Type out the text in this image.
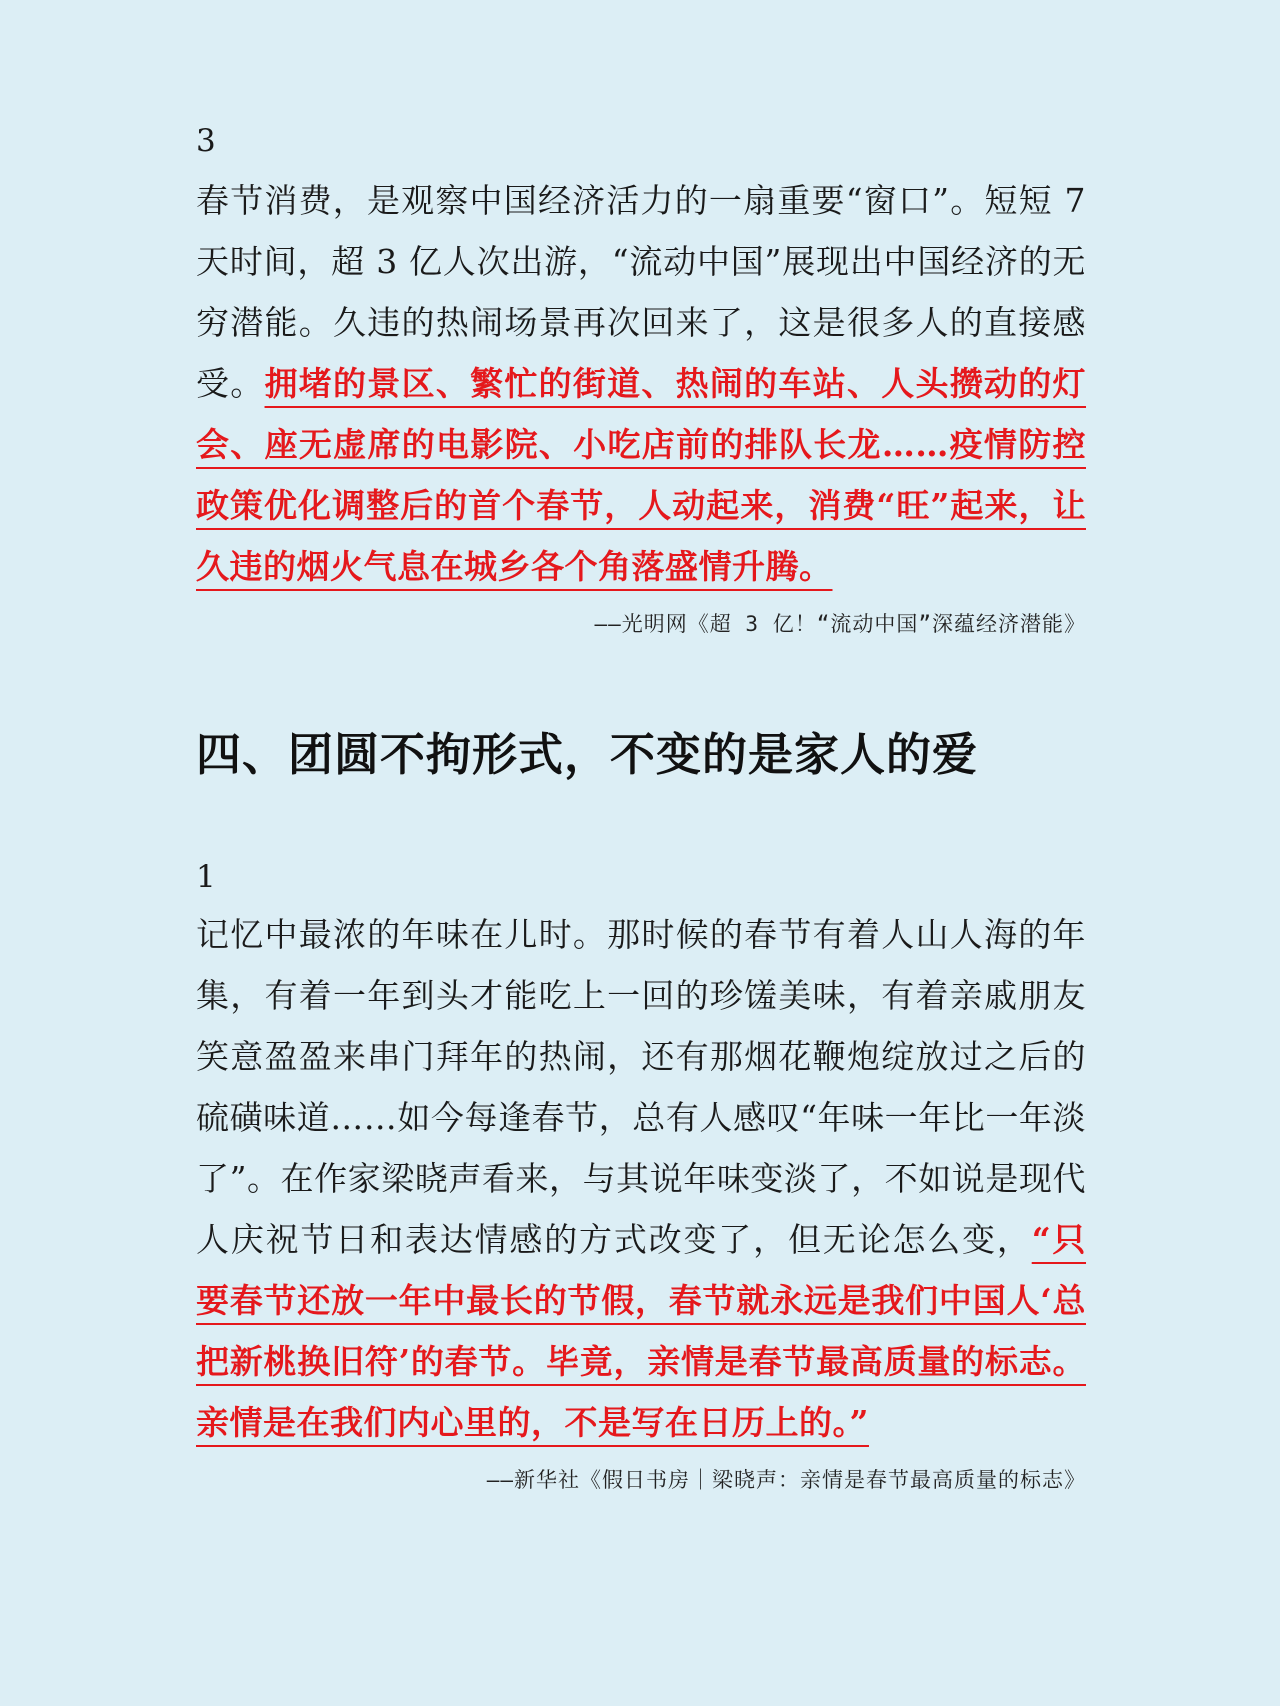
3

春节消费，是观察中国经济活力的一扇重要“窗口”。短短 7 天时间，超 3 亿人次出游，“流动中国”展现出中国经济的无穷潜能。久违的热闹场景再次回来了，这是很多人的直接感受。拥堵的景区、繁忙的街道、热闹的车站、人头攒动的灯会、座无虚席的电影院、小吃店前的排队长龙……疫情防控政策优化调整后的首个春节，人动起来，消费“旺”起来，让久违的烟火气息在城乡各个角落盛情升腾。

——光明网《超 3 亿！“流动中国”深蕴经济潜能》

四、团圆不拘形式，不变的是家人的爱

1

记忆中最浓的年味在儿时。那时候的春节有着人山人海的年集，有着一年到头才能吃上一回的珍馐美味，有着亲戚朋友笑意盈盈来串门拜年的热闹，还有那烟花鞭炮绽放过之后的硫磺味道……如今每逢春节，总有人感叹“年味一年比一年淡了”。在作家梁晓声看来，与其说年味变淡了，不如说是现代人庆祝节日和表达情感的方式改变了，但无论怎么变，“只要春节还放一年中最长的节假，春节就永远是我们中国人‘总把新桃换旧符’的春节。毕竟，亲情是春节最高质量的标志。亲情是在我们内心里的，不是写在日历上的。”

——新华社《假日书房｜梁晓声：亲情是春节最高质量的标志》
